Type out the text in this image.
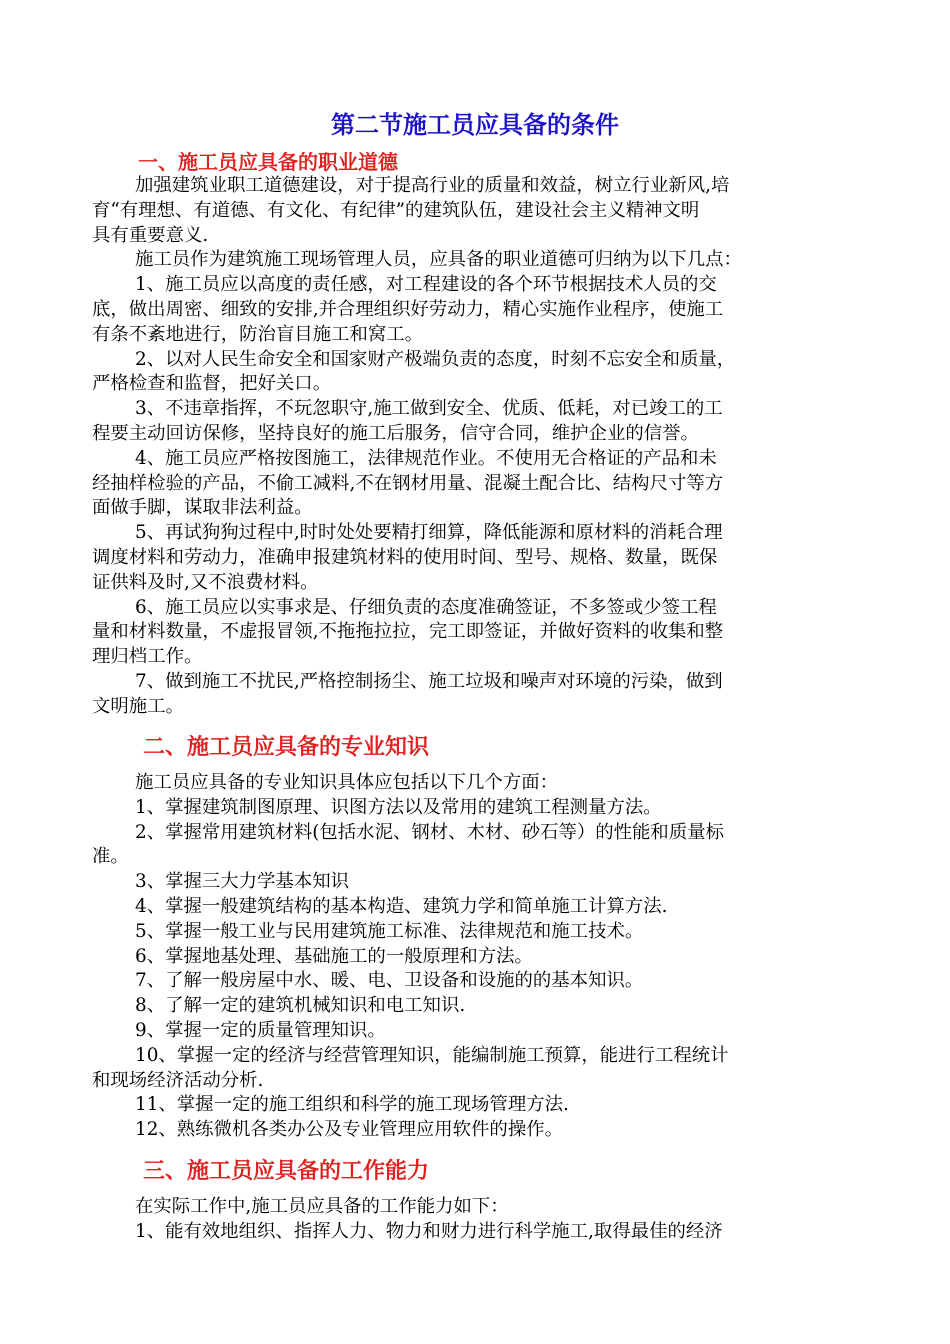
第二节施工员应具备的条件
一、施工员应具备的职业道德
加强建筑业职工道德建设，对于提高行业的质量和效益，树立行业新风,培
育“有理想、有道德、有文化、有纪律”的建筑队伍，建设社会主义精神文明
具有重要意义.
施工员作为建筑施工现场管理人员，应具备的职业道德可归纳为以下几点：
1、施工员应以高度的责任感，对工程建设的各个环节根据技术人员的交
底，做出周密、细致的安排,并合理组织好劳动力，精心实施作业程序，使施工
有条不紊地进行，防治盲目施工和窝工。
2、以对人民生命安全和国家财产极端负责的态度，时刻不忘安全和质量，
严格检查和监督，把好关口。
3、不违章指挥，不玩忽职守,施工做到安全、优质、低耗，对已竣工的工
程要主动回访保修，坚持良好的施工后服务，信守合同，维护企业的信誉。
4、施工员应严格按图施工，法律规范作业。不使用无合格证的产品和未
经抽样检验的产品，不偷工减料,不在钢材用量、混凝土配合比、结构尺寸等方
面做手脚，谋取非法利益。
5、再试狗狗过程中,时时处处要精打细算，降低能源和原材料的消耗合理
调度材料和劳动力，准确申报建筑材料的使用时间、型号、规格、数量，既保
证供料及时,又不浪费材料。
6、施工员应以实事求是、仔细负责的态度准确签证，不多签或少签工程
量和材料数量，不虚报冒领,不拖拖拉拉，完工即签证，并做好资料的收集和整
理归档工作。
7、做到施工不扰民,严格控制扬尘、施工垃圾和噪声对环境的污染，做到
文明施工。
二、施工员应具备的专业知识
施工员应具备的专业知识具体应包括以下几个方面：
1、掌握建筑制图原理、识图方法以及常用的建筑工程测量方法。
2、掌握常用建筑材料(包括水泥、钢材、木材、砂石等）的性能和质量标
准。
3、掌握三大力学基本知识
4、掌握一般建筑结构的基本构造、建筑力学和简单施工计算方法.
5、掌握一般工业与民用建筑施工标准、法律规范和施工技术。
6、掌握地基处理、基础施工的一般原理和方法。
7、了解一般房屋中水、暖、电、卫设备和设施的的基本知识。
8、了解一定的建筑机械知识和电工知识.
9、掌握一定的质量管理知识。
10、掌握一定的经济与经营管理知识，能编制施工预算，能进行工程统计
和现场经济活动分析.
11、掌握一定的施工组织和科学的施工现场管理方法.
12、熟练微机各类办公及专业管理应用软件的操作。
三、施工员应具备的工作能力
在实际工作中,施工员应具备的工作能力如下：
1、能有效地组织、指挥人力、物力和财力进行科学施工,取得最佳的经济
